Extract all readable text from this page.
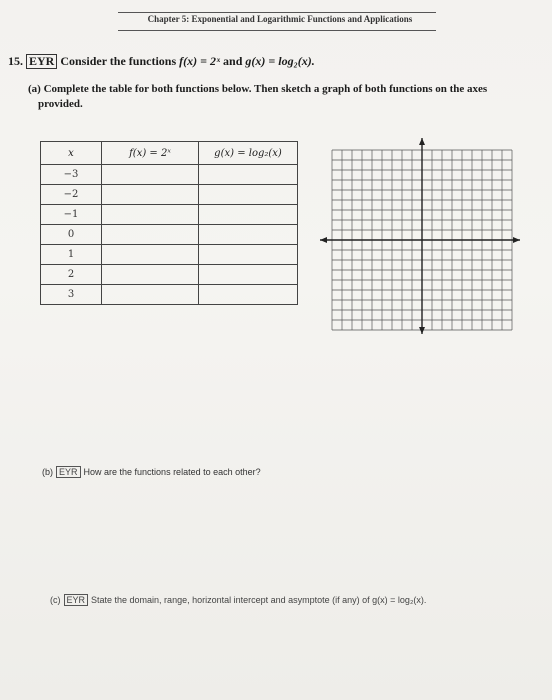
Chapter 5: Exponential and Logarithmic Functions and Applications
15. EYR Consider the functions f(x) = 2ˣ and g(x) = log₂(x).
(a) Complete the table for both functions below. Then sketch a graph of both functions on the axes
provided.
x	f(x) = 2ˣ	g(x) = log₂(x)
−3		
−2		
−1		
0		
1		
2		
3		
(b) EYR How are the functions related to each other?
(c) EYR State the domain, range, horizontal intercept and asymptote (if any) of g(x) = log₂(x).
